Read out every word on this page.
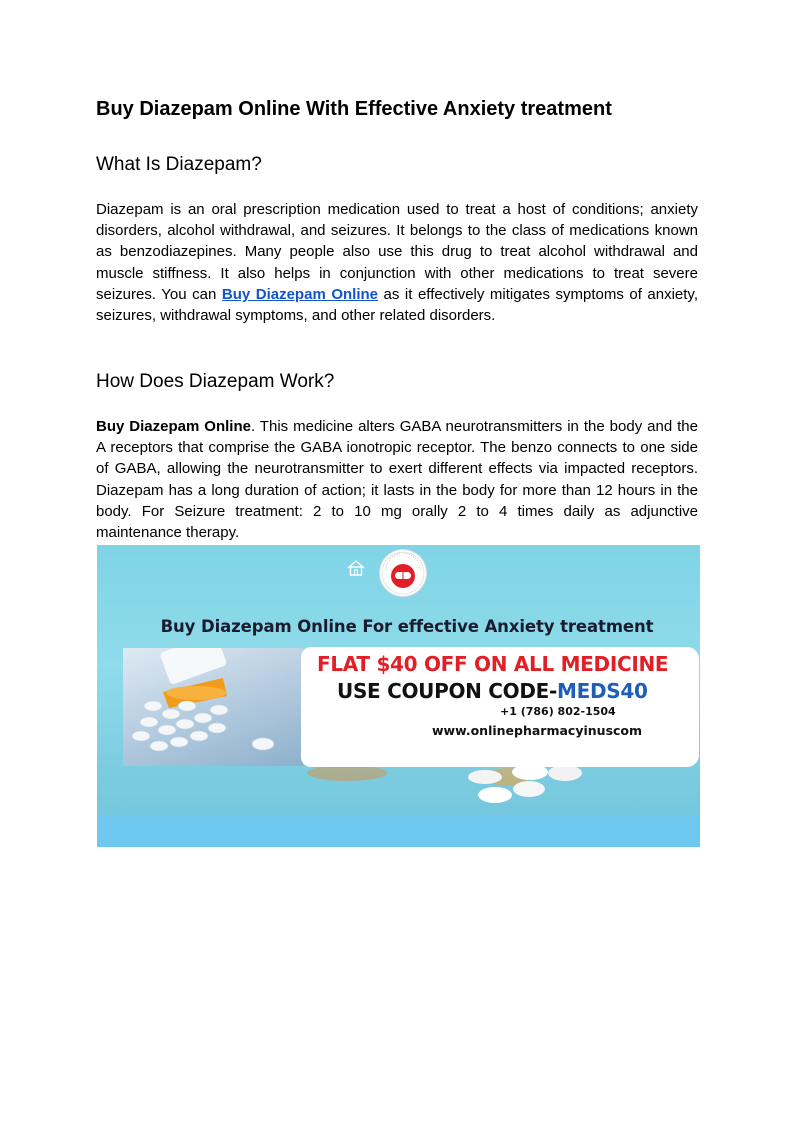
Buy Diazepam Online With Effective Anxiety treatment
What Is Diazepam?

Diazepam is an oral prescription medication used to treat a host of conditions; anxiety disorders, alcohol withdrawal, and seizures. It belongs to the class of medications known as benzodiazepines. Many people also use this drug to treat alcohol withdrawal and muscle stiffness. It also helps in conjunction with other medications to treat severe seizures. You can Buy Diazepam Online as it effectively mitigates symptoms of anxiety, seizures, withdrawal symptoms, and other related disorders.

How Does Diazepam Work?

Buy Diazepam Online. This medicine alters GABA neurotransmitters in the body and the A receptors that comprise the GABA ionotropic receptor. The benzo connects to one side of GABA, allowing the neurotransmitter to exert different effects via impacted receptors. Diazepam has a long duration of action; it lasts in the body for more than 12 hours in the body. For Seizure treatment: 2 to 10 mg orally 2 to 4 times daily as adjunctive maintenance therapy.

Buy Diazepam Online For effective Anxiety treatment
FLAT $40 OFF ON ALL MEDICINE
USE COUPON CODE-MEDS40
+1 (786) 802-1504
www.onlinepharmacyinuscom
